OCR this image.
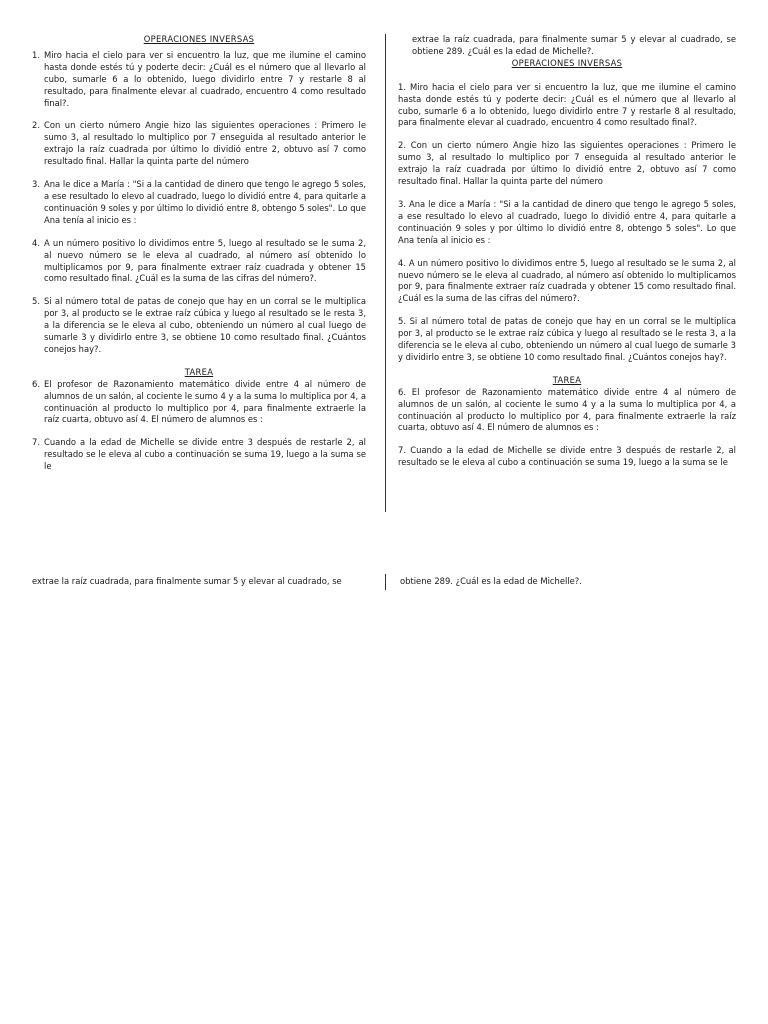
OPERACIONES INVERSAS

1. Miro hacia el cielo para ver si encuentro la luz, que me ilumine el camino hasta donde estés tú y poderte decir: ¿Cuál es el número que al llevarlo al cubo, sumarle 6 a lo obtenido, luego dividirlo entre 7 y restarle 8 al resultado, para finalmente elevar al cuadrado, encuentro 4 como resultado final?.
2. Con un cierto número Angie hizo las siguientes operaciones : Primero le sumo 3, al resultado lo multiplico por 7 enseguida al resultado anterior le extrajo la raíz cuadrada por último lo dividió entre 2, obtuvo así 7 como resultado final. Hallar la quinta parte del número
3. Ana le dice a María : "Si a la cantidad de dinero que tengo le agrego 5 soles, a ese resultado lo elevo al cuadrado, luego lo dividió entre 4, para quitarle a continuación 9 soles y por último lo dividió entre 8, obtengo 5 soles". Lo que Ana tenía al inicio es :
4. A un número positivo lo dividimos entre 5, luego al resultado se le suma 2, al nuevo número se le eleva al cuadrado, al número así obtenido lo multiplicamos por 9, para finalmente extraer raíz cuadrada y obtener 15 como resultado final. ¿Cuál es la suma de las cifras del número?.
5. Si al número total de patas de conejo que hay en un corral se le multiplica por 3, al producto se le extrae raíz cúbica y luego al resultado se le resta 3, a la diferencia se le eleva al cubo, obteniendo un número al cual luego de sumarle 3 y dividirlo entre 3, se obtiene 10 como resultado final. ¿Cuántos conejos hay?.

TAREA

6. El profesor de Razonamiento matemático divide entre 4 al número de alumnos de un salón, al cociente le sumo 4 y a la suma lo multiplica por 4, a continuación al producto lo multiplico por 4, para finalmente extraerle la raíz cuarta, obtuvo así 4. El número de alumnos es :
7. Cuando a la edad de Michelle se divide entre 3 después de restarle 2, al resultado se le eleva al cubo a continuación se suma 19, luego a la suma se le

extrae la raíz cuadrada, para finalmente sumar 5 y elevar al cuadrado, se obtiene 289. ¿Cuál es la edad de Michelle?.

OPERACIONES INVERSAS

1. Miro hacia el cielo para ver si encuentro la luz, que me ilumine el camino hasta donde estés tú y poderte decir: ¿Cuál es el número que al llevarlo al cubo, sumarle 6 a lo obtenido, luego dividirlo entre 7 y restarle 8 al resultado, para finalmente elevar al cuadrado, encuentro 4 como resultado final?.

2. Con un cierto número Angie hizo las siguientes operaciones : Primero le sumo 3, al resultado lo multiplico por 7 enseguida al resultado anterior le extrajo la raíz cuadrada por último lo dividió entre 2, obtuvo así 7 como resultado final. Hallar la quinta parte del número

3. Ana le dice a María : "Si a la cantidad de dinero que tengo le agrego 5 soles, a ese resultado lo elevo al cuadrado, luego lo dividió entre 4, para quitarle a continuación 9 soles y por último lo dividió entre 8, obtengo 5 soles". Lo que Ana tenía al inicio es :

4. A un número positivo lo dividimos entre 5, luego al resultado se le suma 2, al nuevo número se le eleva al cuadrado, al número así obtenido lo multiplicamos por 9, para finalmente extraer raíz cuadrada y obtener 15 como resultado final. ¿Cuál es la suma de las cifras del número?.

5. Si al número total de patas de conejo que hay en un corral se le multiplica por 3, al producto se le extrae raíz cúbica y luego al resultado se le resta 3, a la diferencia se le eleva al cubo, obteniendo un número al cual luego de sumarle 3 y dividirlo entre 3, se obtiene 10 como resultado final. ¿Cuántos conejos hay?.

TAREA

6. El profesor de Razonamiento matemático divide entre 4 al número de alumnos de un salón, al cociente le sumo 4 y a la suma lo multiplica por 4, a continuación al producto lo multiplico por 4, para finalmente extraerle la raíz cuarta, obtuvo así 4. El número de alumnos es :

7. Cuando a la edad de Michelle se divide entre 3 después de restarle 2, al resultado se le eleva al cubo a continuación se suma 19, luego a la suma se le

extrae la raíz cuadrada, para finalmente sumar 5 y elevar al cuadrado, se	obtiene 289. ¿Cuál es la edad de Michelle?.
